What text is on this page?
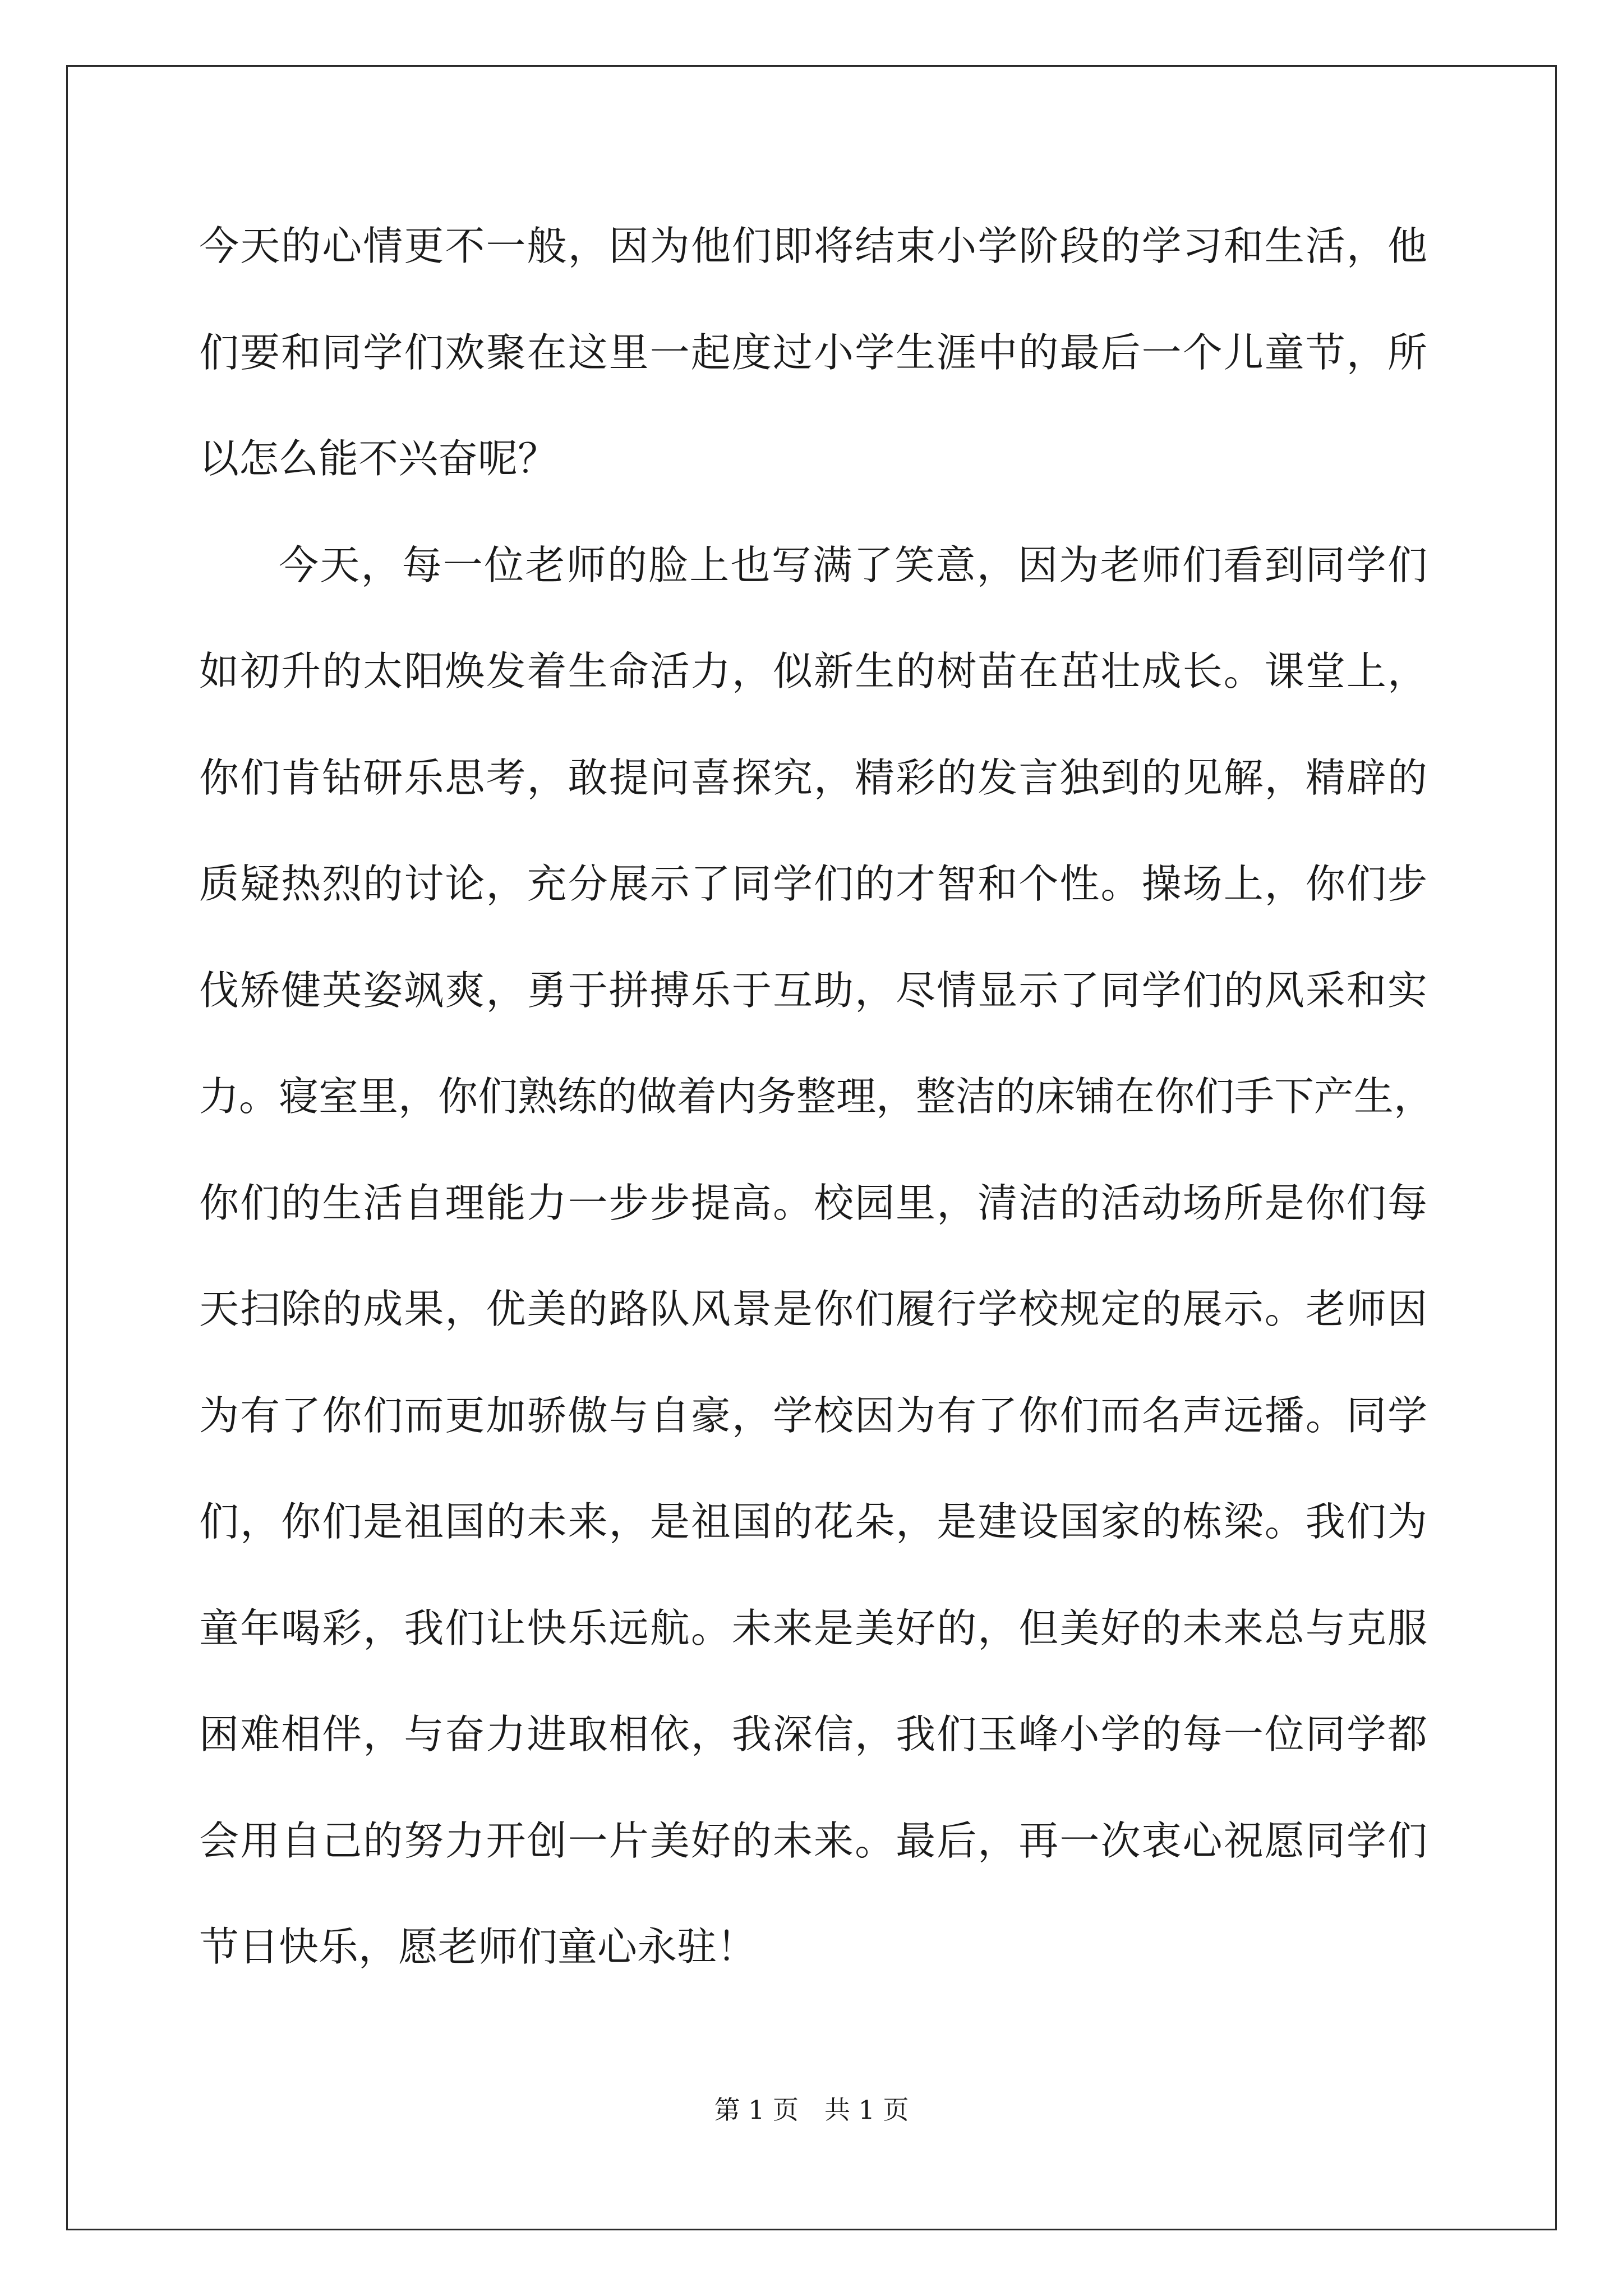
今天的心情更不一般，因为他们即将结束小学阶段的学习和生活，他
们要和同学们欢聚在这里一起度过小学生涯中的最后一个儿童节，所
以怎么能不兴奋呢？
今天，每一位老师的脸上也写满了笑意，因为老师们看到同学们
如初升的太阳焕发着生命活力，似新生的树苗在茁壮成长。课堂上，
你们肯钻研乐思考，敢提问喜探究，精彩的发言独到的见解，精辟的
质疑热烈的讨论，充分展示了同学们的才智和个性。操场上，你们步
伐矫健英姿飒爽，勇于拼搏乐于互助，尽情显示了同学们的风采和实
力。寝室里，你们熟练的做着内务整理，整洁的床铺在你们手下产生，
你们的生活自理能力一步步提高。校园里，清洁的活动场所是你们每
天扫除的成果，优美的路队风景是你们履行学校规定的展示。老师因
为有了你们而更加骄傲与自豪，学校因为有了你们而名声远播。同学
们，你们是祖国的未来，是祖国的花朵，是建设国家的栋梁。我们为
童年喝彩，我们让快乐远航。未来是美好的，但美好的未来总与克服
困难相伴，与奋力进取相依，我深信，我们玉峰小学的每一位同学都
会用自己的努力开创一片美好的未来。最后，再一次衷心祝愿同学们
节日快乐，愿老师们童心永驻！
第 1 页　共 1 页
